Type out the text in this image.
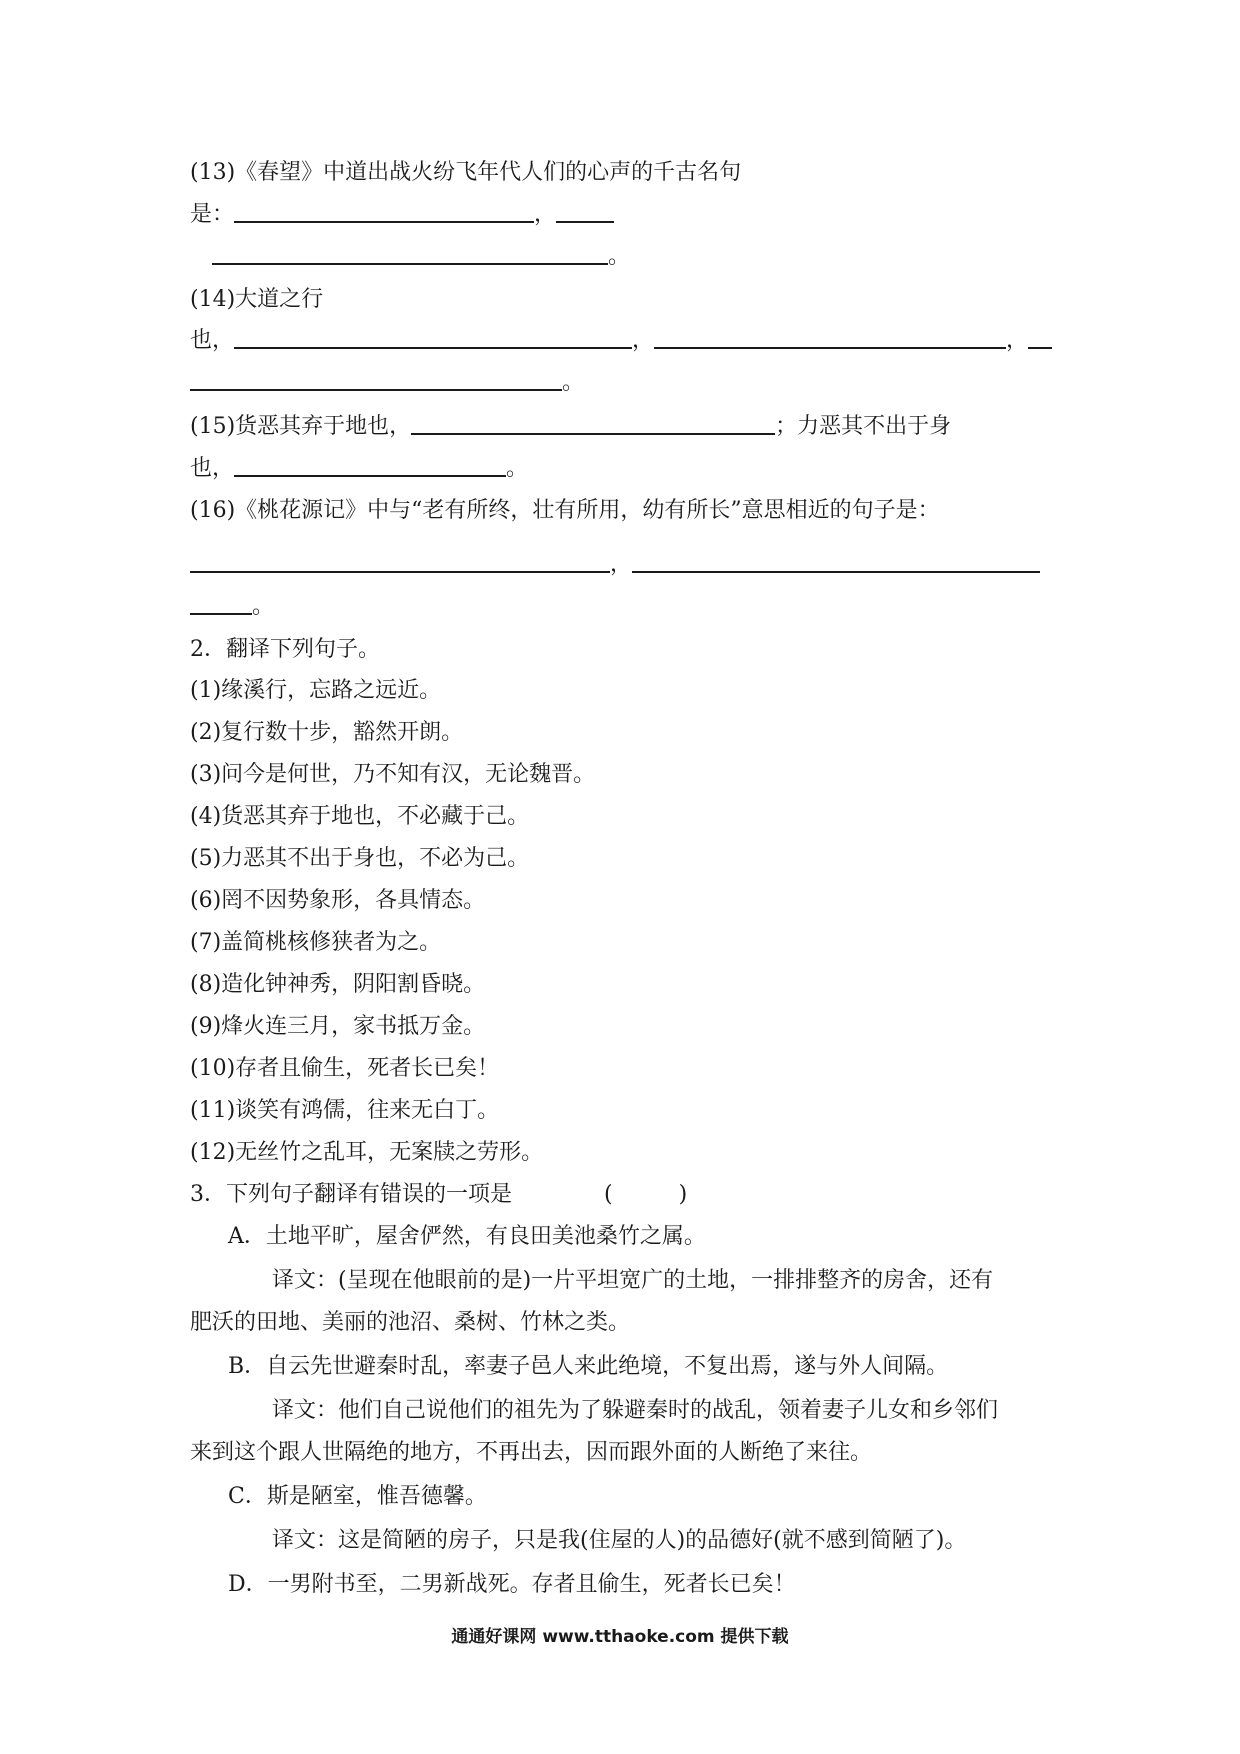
(13)《春望》中道出战火纷飞年代人们的心声的千古名句
是：	，
。
(14)大道之行
也，	，	，
。
(15)货恶其弃于地也，	；力恶其不出于身
也，	。
(16)《桃花源记》中与“老有所终，壮有所用，幼有所长”意思相近的句子是：
，
。
2．翻译下列句子。
(1)缘溪行，忘路之远近。
(2)复行数十步，豁然开朗。
(3)问今是何世，乃不知有汉，无论魏晋。
(4)货恶其弃于地也，不必藏于己。
(5)力恶其不出于身也，不必为己。
(6)罔不因势象形，各具情态。
(7)盖简桃核修狭者为之。
(8)造化钟神秀，阴阳割昏晓。
(9)烽火连三月，家书抵万金。
(10)存者且偷生，死者长已矣！
(11)谈笑有鸿儒，往来无白丁。
(12)无丝竹之乱耳，无案牍之劳形。
3．下列句子翻译有错误的一项是	(　　　)
A．土地平旷，屋舍俨然，有良田美池桑竹之属。
译文：(呈现在他眼前的是)一片平坦宽广的土地，一排排整齐的房舍，还有
肥沃的田地、美丽的池沼、桑树、竹林之类。
B．自云先世避秦时乱，率妻子邑人来此绝境，不复出焉，遂与外人间隔。
译文：他们自己说他们的祖先为了躲避秦时的战乱，领着妻子儿女和乡邻们
来到这个跟人世隔绝的地方，不再出去，因而跟外面的人断绝了来往。
C．斯是陋室，惟吾德馨。
译文：这是简陋的房子，只是我(住屋的人)的品德好(就不感到简陋了)。
D．一男附书至，二男新战死。存者且偷生，死者长已矣！
通通好课网 www.tthaoke.com 提供下载
